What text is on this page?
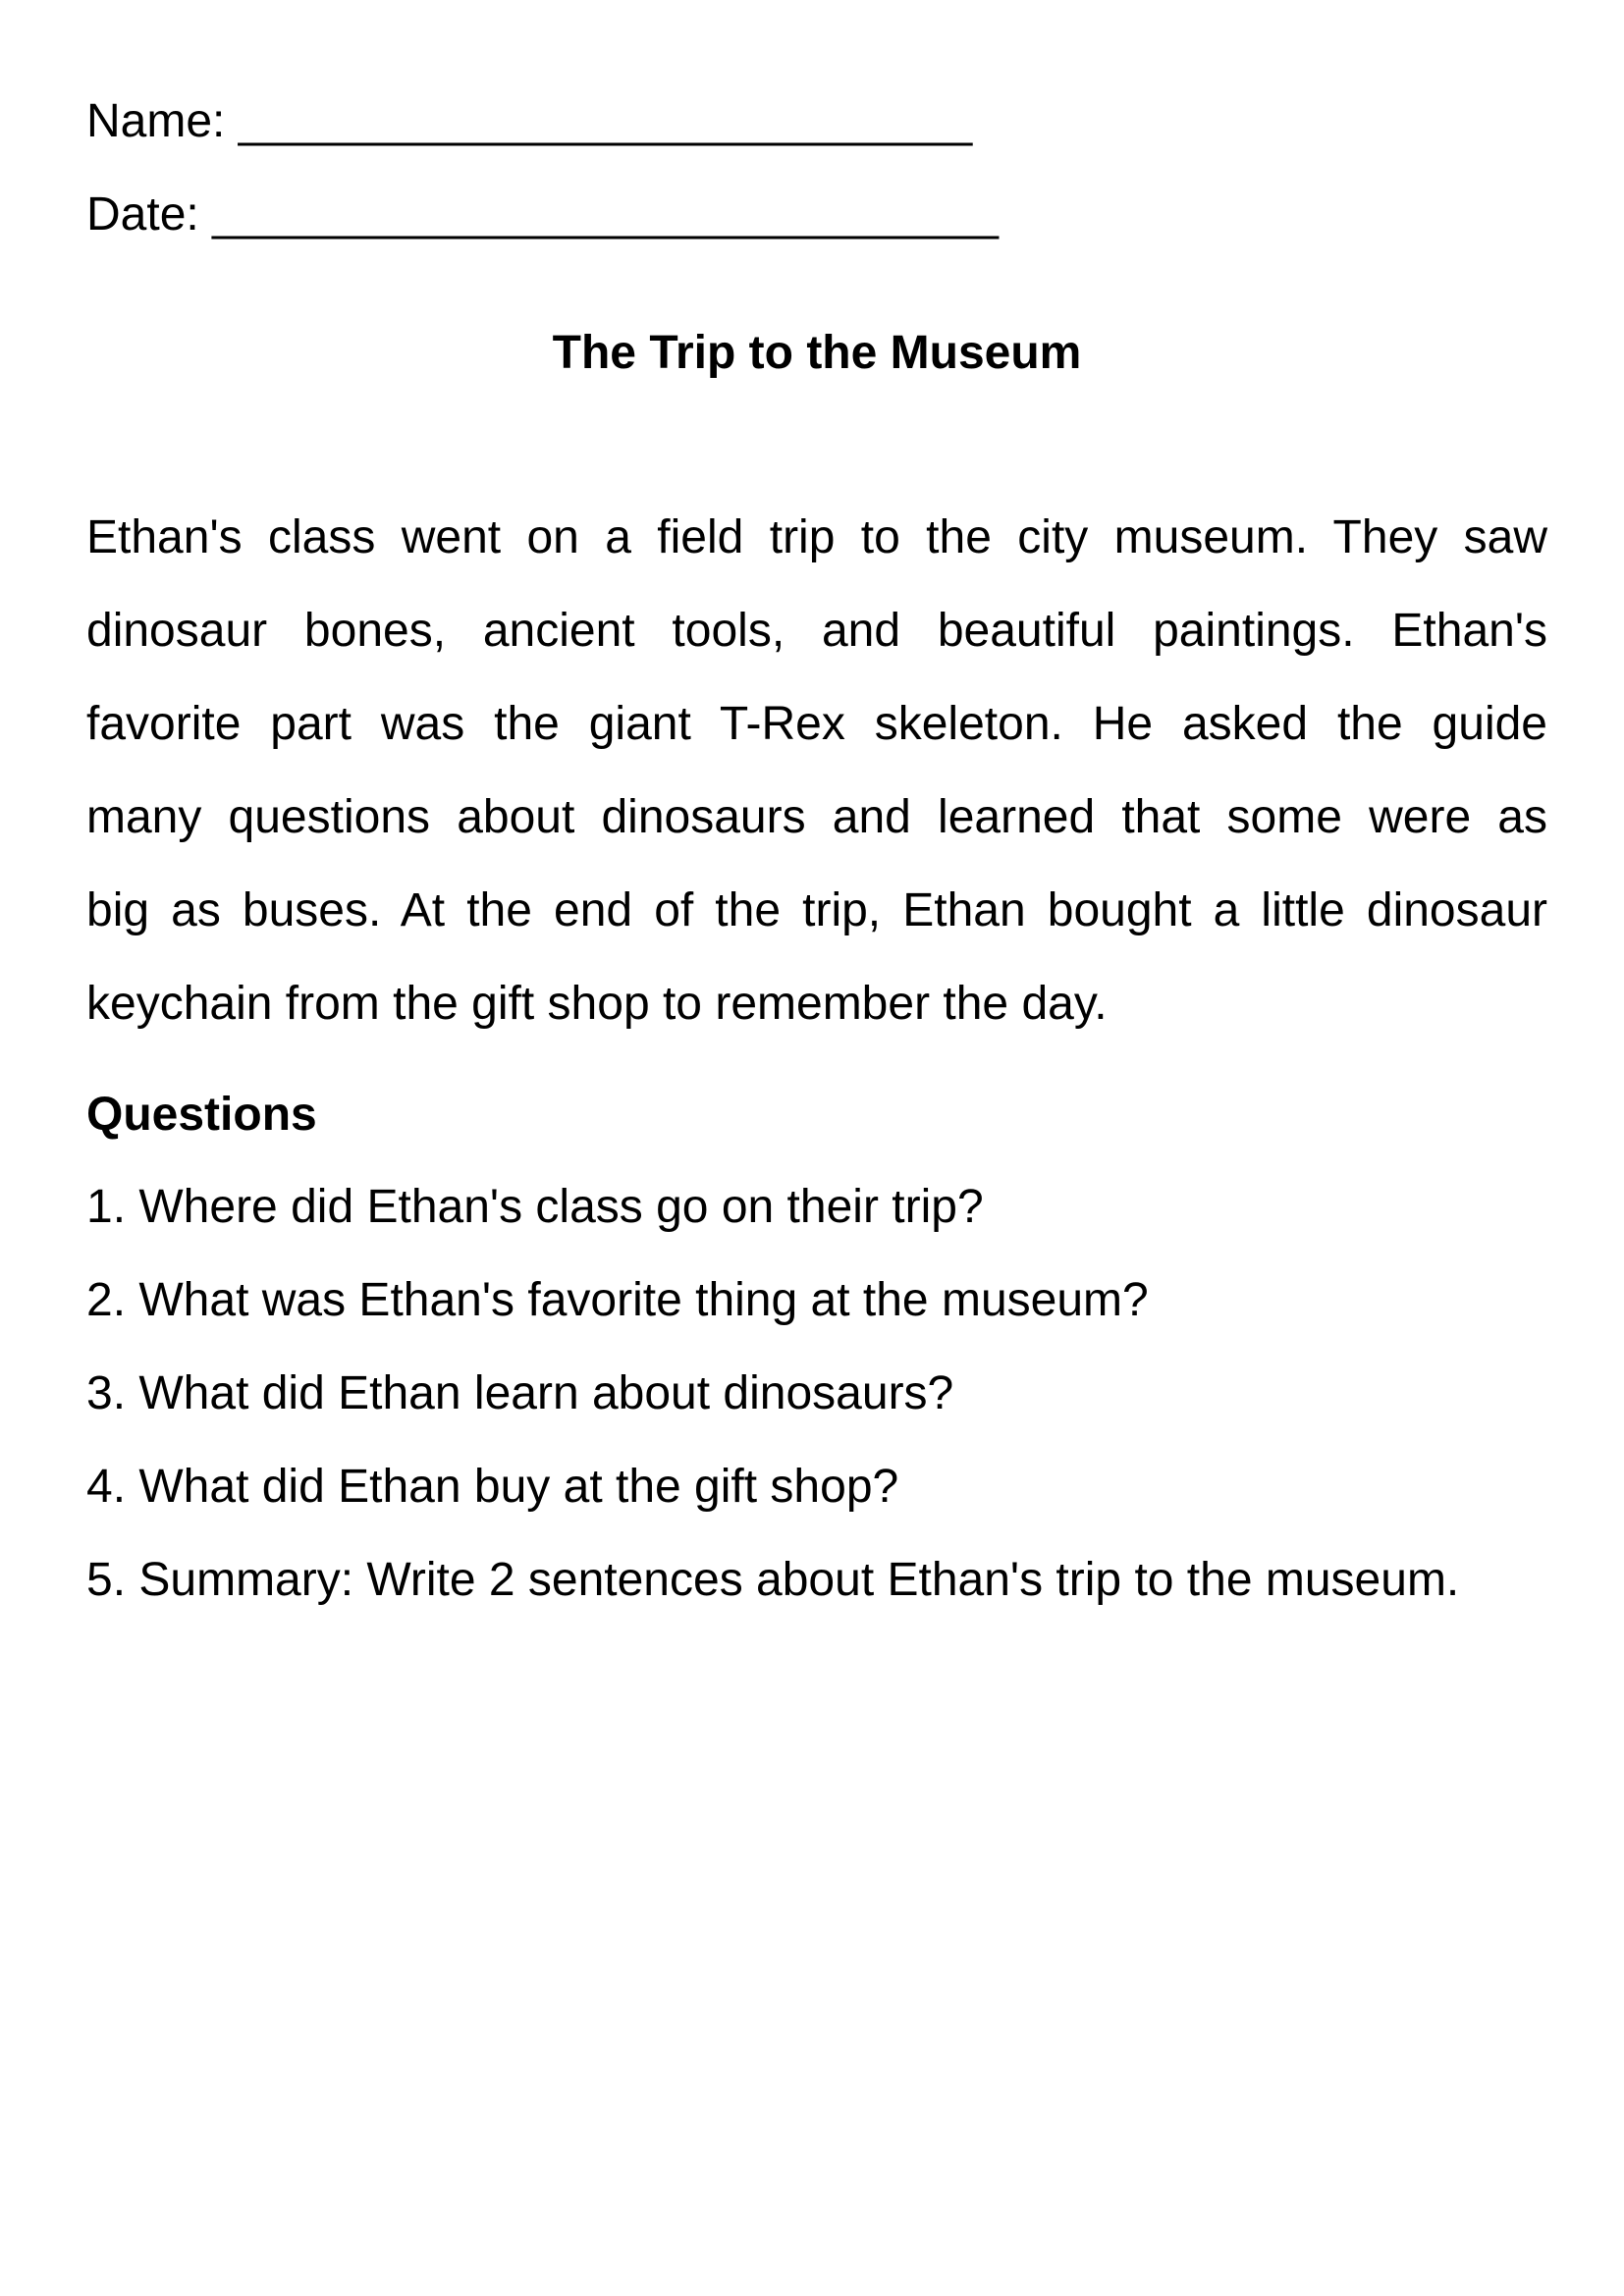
Name: ____________________________
Date: ______________________________
The Trip to the Museum

Ethan's class went on a field trip to the city museum. They saw
dinosaur bones, ancient tools, and beautiful paintings. Ethan's
favorite part was the giant T-Rex skeleton. He asked the guide
many questions about dinosaurs and learned that some were as
big as buses. At the end of the trip, Ethan bought a little dinosaur
keychain from the gift shop to remember the day.

Questions
1. Where did Ethan's class go on their trip?
2. What was Ethan's favorite thing at the museum?
3. What did Ethan learn about dinosaurs?
4. What did Ethan buy at the gift shop?
5. Summary: Write 2 sentences about Ethan's trip to the museum.
